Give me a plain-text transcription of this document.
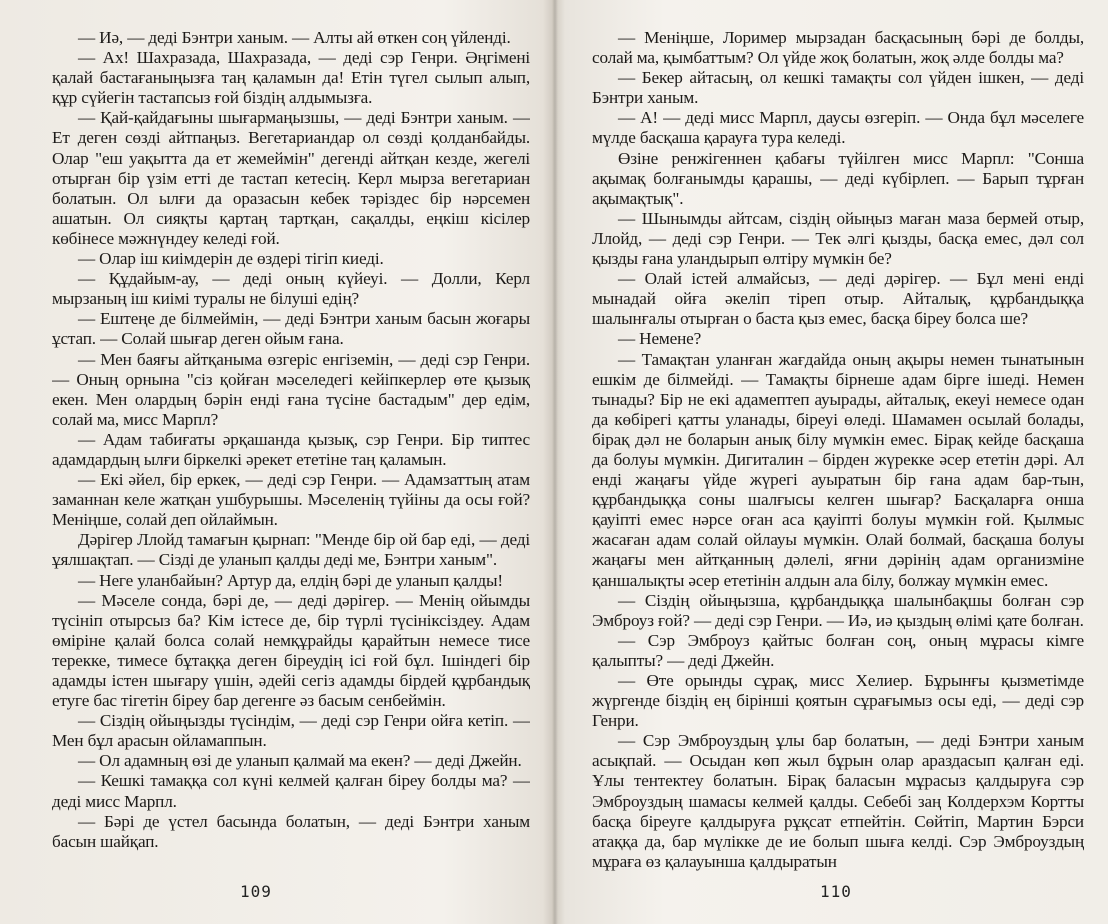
— Иә, — деді Бэнтри ханым. — Алты ай өткен соң үйленді.

— Ах! Шахразада, Шахразада, — деді сэр Генри. Әңгімені қалай бастағаныңызға таң қаламын да! Етін түгел сылып алып, құр сүйегін тастапсыз ғой біздің алдымызға.

— Қай-қайдағыны шығармаңызшы, — деді Бэнтри ханым. — Ет деген сөзді айтпаңыз. Вегетариандар ол сөзді қолданбайды. Олар "еш уақытта да ет жемеймін" дегенді айтқан кезде, жегелі отырған бір үзім етті де тастап кетесің. Керл мырза вегетариан болатын. Ол ылғи да оразасын кебек тәріздес бір нәрсемен ашатын. Ол сияқты қартаң тартқан, сақалды, еңкіш кісілер көбінесе мәжнүндеу келеді ғой.

— Олар іш киімдерін де өздері тігіп киеді.

— Құдайым-ау, — деді оның күйеуі. — Долли, Керл мырзаның іш киімі туралы не білуші едің?

— Ештеңе де білмеймін, — деді Бэнтри ханым басын жоғары ұстап. — Солай шығар деген ойым ғана.

— Мен баяғы айтқаныма өзгеріс енгіземін, — деді сэр Генри. — Оның орнына "сіз қойған мәселедегі кейіпкерлер өте қызық екен. Мен олардың бәрін енді ғана түсіне бастадым" дер едім, солай ма, мисс Марпл?

— Адам табиғаты әрқашанда қызық, сэр Генри. Бір типтес адамдардың ылғи біркелкі әрекет ететіне таң қаламын.

— Екі әйел, бір еркек, — деді сэр Генри. — Адамзаттың атам заманнан келе жатқан ушбурышы. Мәселенің түйіны да осы ғой? Меніңше, солай деп ойлаймын.

Дәрігер Ллойд тамағын қырнап: "Менде бір ой бар еді, — деді ұялшақтап. — Сізді де уланып қалды деді ме, Бэнтри ханым".

— Неге уланбайын? Артур да, елдің бәрі де уланып қалды!

— Мәселе сонда, бәрі де, — деді дәрігер. — Менің ойымды түсініп отырсыз ба? Кім істесе де, бір түрлі түсініксіздеу. Адам өміріне қалай болса солай немқұрайды қарайтын немесе тисе терекке, тимесе бұтаққа деген біреудің ісі ғой бұл. Ішіндегі бір адамды істен шығару үшін, әдейі сегіз адамды бірдей құрбандық етуге бас тігетін біреу бар дегенге әз басым сенбеймін.

— Сіздің ойыңызды түсіндім, — деді сэр Генри ойға кетіп. — Мен бұл арасын ойламаппын.

— Ол адамның өзі де уланып қалмай ма екен? — деді Джейн.

— Кешкі тамаққа сол күні келмей қалған біреу болды ма? — деді мисс Марпл.

— Бәрі де үстел басында болатын, — деді Бэнтри ханым басын шайқап.

109

— Меніңше, Лоример мырзадан басқасының бәрі де болды, солай ма, қымбаттым? Ол үйде жоқ болатын, жоқ әлде болды ма?

— Бекер айтасың, ол кешкі тамақты сол үйден ішкен, — деді Бэнтри ханым.

— А! — деді мисс Марпл, даусы өзгеріп. — Онда бұл мәселеге мүлде басқаша қарауға тура келеді.

Өзіне ренжігеннен қабағы түйілген мисс Марпл: "Сонша ақымақ болғанымды қарашы, — деді күбірлеп. — Барып тұрған ақымақтық".

— Шынымды айтсам, сіздің ойыңыз маған маза бермей отыр, Ллойд, — деді сэр Генри. — Тек әлгі қызды, басқа емес, дәл сол қызды ғана уландырып өлтіру мүмкін бе?

— Олай істей алмайсыз, — деді дәрігер. — Бұл мені енді мынадай ойға әкеліп тіреп отыр. Айталық, құрбандыққа шалынғалы отырған о баста қыз емес, басқа біреу болса ше?

— Немене?

— Тамақтан уланған жағдайда оның ақыры немен тынатынын ешкім де білмейді. — Тамақты бірнеше адам бірге ішеді. Немен тынады? Бір не екі адамептеп ауырады, айталық, екеуі немесе одан да көбірегі қатты уланады, біреуі өледі. Шамамен осылай болады, бірақ дәл не боларын анық білу мүмкін емес. Бірақ кейде басқаша да болуы мүмкін. Дигиталин – бірден жүрекке әсер ететін дәрі. Ал енді жаңағы үйде жүрегі ауыратын бір ғана адам бар-тын, құрбандыққа соны шалғысы келген шығар? Басқаларға онша қауіпті емес нәрсе оған аса қауіпті болуы мүмкін ғой. Қылмыс жасаған адам солай ойлауы мүмкін. Олай болмай, басқаша болуы жаңағы мен айтқанның дәлелі, яғни дәрінің адам организміне қаншалықты әсер ететінін алдын ала білу, болжау мүмкін емес.

— Сіздің ойыңызша, құрбандыққа шалынбақшы болған сэр Эмброуз ғой? — деді сэр Генри. — Иә, иә қыздың өлімі қате болған.

— Сэр Эмброуз қайтыс болған соң, оның мұрасы кімге қалыпты? — деді Джейн.

— Өте орынды сұрақ, мисс Хелиер. Бұрынғы қызметімде жүргенде біздің ең бірінші қоятын сұрағымыз осы еді, — деді сэр Генри.

— Сэр Эмброуздың ұлы бар болатын, — деді Бэнтри ханым асықпай. — Осыдан көп жыл бұрын олар араздасып қалған еді. Ұлы тентектеу болатын. Бірақ баласын мұрасыз қалдыруға сэр Эмброуздың шамасы келмей қалды. Себебі заң Колдерхэм Кортты басқа біреуге қалдыруға рұқсат етпейтін. Сөйтіп, Мартин Бэрси атаққа да, бар мүлікке де ие болып шыға келді. Сэр Эмброуздың мұраға өз қалауынша қалдыратын

110
